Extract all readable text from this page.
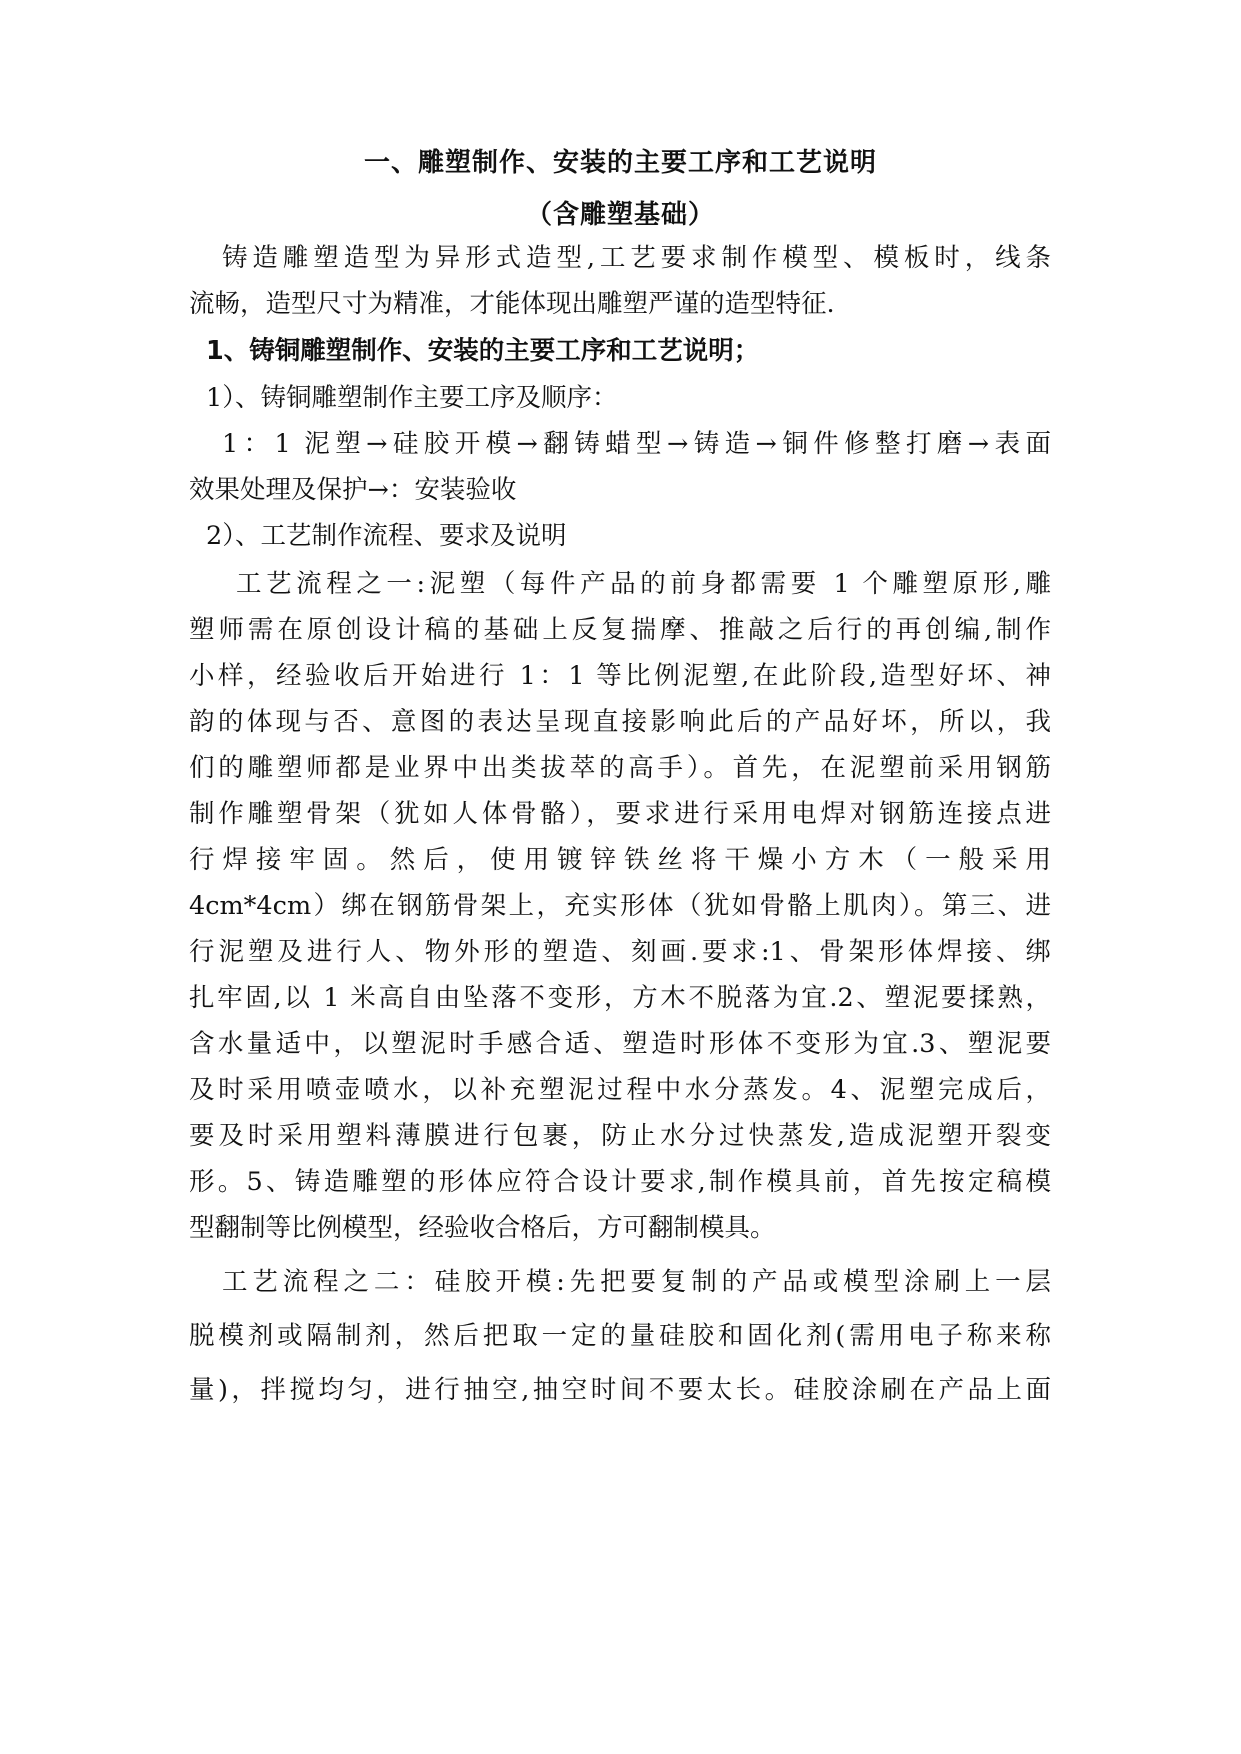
一、雕塑制作、安装的主要工序和工艺说明
（含雕塑基础）
铸造雕塑造型为异形式造型,工艺要求制作模型、模板时，线条
流畅，造型尺寸为精准，才能体现出雕塑严谨的造型特征.
1、铸铜雕塑制作、安装的主要工序和工艺说明；
1）、铸铜雕塑制作主要工序及顺序：
1：1 泥塑→硅胶开模→翻铸蜡型→铸造→铜件修整打磨→表面
效果处理及保护→：安装验收
2）、工艺制作流程、要求及说明
工艺流程之一:泥塑（每件产品的前身都需要 1 个雕塑原形,雕
塑师需在原创设计稿的基础上反复揣摩、推敲之后行的再创编,制作
小样，经验收后开始进行 1：1 等比例泥塑,在此阶段,造型好坏、神
韵的体现与否、意图的表达呈现直接影响此后的产品好坏，所以，我
们的雕塑师都是业界中出类拔萃的高手）。首先，在泥塑前采用钢筋
制作雕塑骨架（犹如人体骨骼），要求进行采用电焊对钢筋连接点进
行焊接牢固。然后，使用镀锌铁丝将干燥小方木（一般采用
4cm*4cm）绑在钢筋骨架上，充实形体（犹如骨骼上肌肉）。第三、进
行泥塑及进行人、物外形的塑造、刻画.要求:1、骨架形体焊接、绑
扎牢固,以 1 米高自由坠落不变形，方木不脱落为宜.2、塑泥要揉熟，
含水量适中，以塑泥时手感合适、塑造时形体不变形为宜.3、塑泥要
及时采用喷壶喷水，以补充塑泥过程中水分蒸发。4、泥塑完成后，
要及时采用塑料薄膜进行包裹，防止水分过快蒸发,造成泥塑开裂变
形。5、铸造雕塑的形体应符合设计要求,制作模具前，首先按定稿模
型翻制等比例模型，经验收合格后，方可翻制模具。
工艺流程之二：硅胶开模:先把要复制的产品或模型涂刷上一层
脱模剂或隔制剂，然后把取一定的量硅胶和固化剂(需用电子称来称
量)，拌搅均匀，进行抽空,抽空时间不要太长。硅胶涂刷在产品上面
